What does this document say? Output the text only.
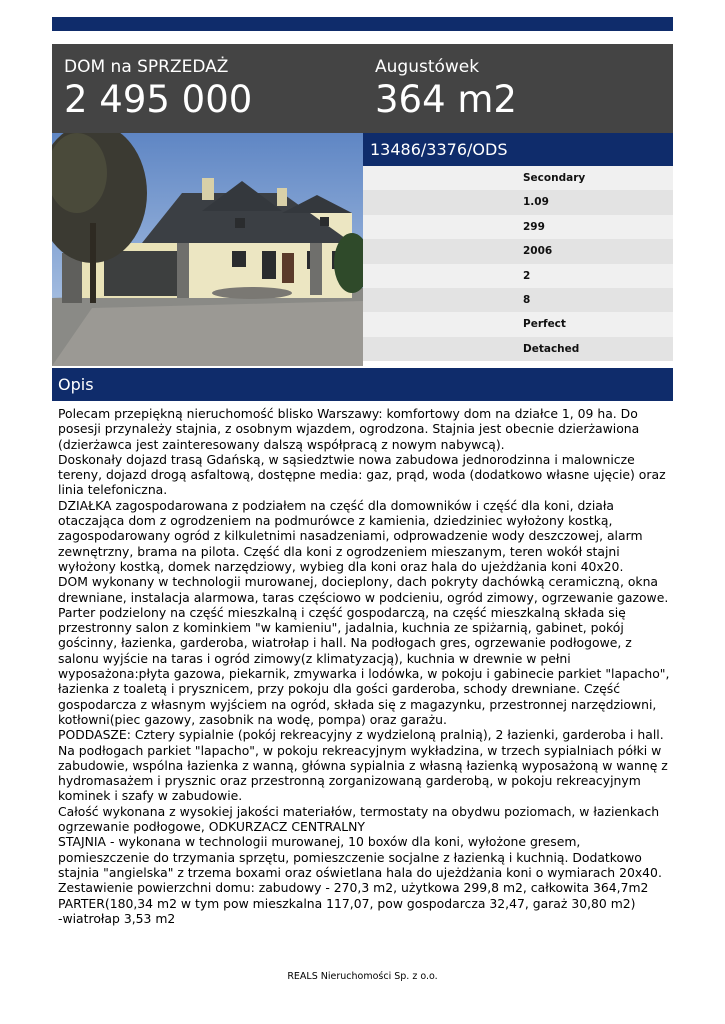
DOM na SPRZEDAŻ
2 495 000
Augustówek
364 m2
13486/3376/ODS
Secondary
1.09
299
2006
2
8
Perfect
Detached
Opis

Polecam przepiękną nieruchomość blisko Warszawy: komfortowy dom na działce 1, 09 ha. Do posesji przynależy stajnia, z osobnym wjazdem, ogrodzona. Stajnia jest obecnie dzierżawiona (dzierżawca jest zainteresowany dalszą współpracą z nowym nabywcą).

Doskonały dojazd trasą Gdańską, w sąsiedztwie nowa zabudowa jednorodzinna i malownicze tereny, dojazd drogą asfaltową, dostępne media: gaz, prąd, woda (dodatkowo własne ujęcie) oraz linia telefoniczna.

DZIAŁKA zagospodarowana z podziałem na część dla domowników i część dla koni, działa otaczająca dom z ogrodzeniem na podmurówce z kamienia, dziedziniec wyłożony kostką, zagospodarowany ogród z kilkuletnimi nasadzeniami, odprowadzenie wody deszczowej, alarm zewnętrzny, brama na pilota. Część dla koni z ogrodzeniem mieszanym, teren wokół stajni wyłożony kostką, domek narzędziowy, wybieg dla koni oraz hala do ujeżdżania koni 40x20.

DOM wykonany w technologii murowanej, docieplony, dach pokryty dachówką ceramiczną, okna drewniane, instalacja alarmowa, taras częściowo w podcieniu, ogród zimowy, ogrzewanie gazowe.

Parter podzielony na część mieszkalną i część gospodarczą, na część mieszkalną składa się przestronny salon z kominkiem "w kamieniu", jadalnia, kuchnia ze spiżarnią, gabinet, pokój gościnny, łazienka, garderoba, wiatrołap i hall. Na podłogach gres, ogrzewanie podłogowe, z salonu wyjście na taras i ogród zimowy(z klimatyzacją), kuchnia w drewnie w pełni wyposażona:płyta gazowa, piekarnik, zmywarka i lodówka, w pokoju i gabinecie parkiet "lapacho", łazienka z toaletą i prysznicem, przy pokoju dla gości garderoba, schody drewniane. Część gospodarcza z własnym wyjściem na ogród, składa się z magazynku, przestronnej narzędziowni, kotłowni(piec gazowy, zasobnik na wodę, pompa) oraz garażu.

PODDASZE: Cztery sypialnie (pokój rekreacyjny z wydzieloną pralnią), 2 łazienki, garderoba i hall. Na podłogach parkiet "lapacho", w pokoju rekreacyjnym wykładzina, w trzech sypialniach półki w zabudowie, wspólna łazienka z wanną, główna sypialnia z własną łazienką wyposażoną w wannę z hydromasażem i prysznic oraz przestronną zorganizowaną garderobą, w pokoju rekreacyjnym kominek i szafy w zabudowie.

Całość wykonana z wysokiej jakości materiałów, termostaty na obydwu poziomach, w łazienkach ogrzewanie podłogowe, ODKURZACZ CENTRALNY

STAJNIA - wykonana w technologii murowanej, 10 boxów dla koni, wyłożone gresem, pomieszczenie do trzymania sprzętu, pomieszczenie socjalne z łazienką i kuchnią. Dodatkowo stajnia "angielska" z trzema boxami oraz oświetlana hala do ujeżdżania koni o wymiarach 20x40.

Zestawienie powierzchni domu: zabudowy - 270,3 m2, użytkowa 299,8 m2, całkowita 364,7m2

PARTER(180,34 m2 w tym pow mieszkalna 117,07, pow gospodarcza 32,47, garaż 30,80 m2)

-wiatrołap 3,53 m2

REALS Nieruchomości Sp. z o.o.
